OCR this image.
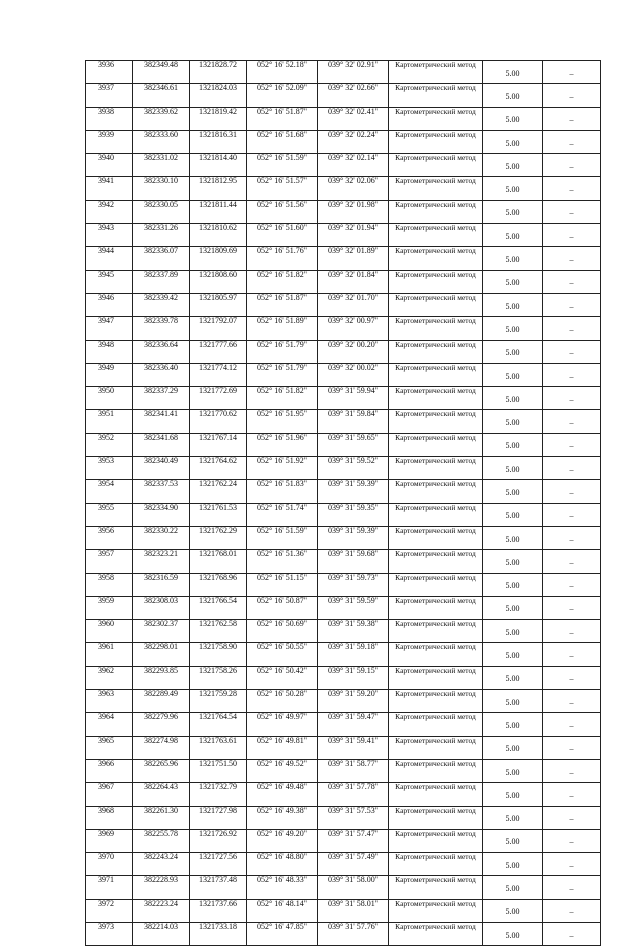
3936	382349.48	1321828.72	052° 16' 52.18"	039° 32' 02.91"	Картометрический метод	5.00	–
3937	382346.61	1321824.03	052° 16' 52.09"	039° 32' 02.66"	Картометрический метод	5.00	–
3938	382339.62	1321819.42	052° 16' 51.87"	039° 32' 02.41"	Картометрический метод	5.00	–
3939	382333.60	1321816.31	052° 16' 51.68"	039° 32' 02.24"	Картометрический метод	5.00	–
3940	382331.02	1321814.40	052° 16' 51.59"	039° 32' 02.14"	Картометрический метод	5.00	–
3941	382330.10	1321812.95	052° 16' 51.57"	039° 32' 02.06"	Картометрический метод	5.00	–
3942	382330.05	1321811.44	052° 16' 51.56"	039° 32' 01.98"	Картометрический метод	5.00	–
3943	382331.26	1321810.62	052° 16' 51.60"	039° 32' 01.94"	Картометрический метод	5.00	–
3944	382336.07	1321809.69	052° 16' 51.76"	039° 32' 01.89"	Картометрический метод	5.00	–
3945	382337.89	1321808.60	052° 16' 51.82"	039° 32' 01.84"	Картометрический метод	5.00	–
3946	382339.42	1321805.97	052° 16' 51.87"	039° 32' 01.70"	Картометрический метод	5.00	–
3947	382339.78	1321792.07	052° 16' 51.89"	039° 32' 00.97"	Картометрический метод	5.00	–
3948	382336.64	1321777.66	052° 16' 51.79"	039° 32' 00.20"	Картометрический метод	5.00	–
3949	382336.40	1321774.12	052° 16' 51.79"	039° 32' 00.02"	Картометрический метод	5.00	–
3950	382337.29	1321772.69	052° 16' 51.82"	039° 31' 59.94"	Картометрический метод	5.00	–
3951	382341.41	1321770.62	052° 16' 51.95"	039° 31' 59.84"	Картометрический метод	5.00	–
3952	382341.68	1321767.14	052° 16' 51.96"	039° 31' 59.65"	Картометрический метод	5.00	–
3953	382340.49	1321764.62	052° 16' 51.92"	039° 31' 59.52"	Картометрический метод	5.00	–
3954	382337.53	1321762.24	052° 16' 51.83"	039° 31' 59.39"	Картометрический метод	5.00	–
3955	382334.90	1321761.53	052° 16' 51.74"	039° 31' 59.35"	Картометрический метод	5.00	–
3956	382330.22	1321762.29	052° 16' 51.59"	039° 31' 59.39"	Картометрический метод	5.00	–
3957	382323.21	1321768.01	052° 16' 51.36"	039° 31' 59.68"	Картометрический метод	5.00	–
3958	382316.59	1321768.96	052° 16' 51.15"	039° 31' 59.73"	Картометрический метод	5.00	–
3959	382308.03	1321766.54	052° 16' 50.87"	039° 31' 59.59"	Картометрический метод	5.00	–
3960	382302.37	1321762.58	052° 16' 50.69"	039° 31' 59.38"	Картометрический метод	5.00	–
3961	382298.01	1321758.90	052° 16' 50.55"	039° 31' 59.18"	Картометрический метод	5.00	–
3962	382293.85	1321758.26	052° 16' 50.42"	039° 31' 59.15"	Картометрический метод	5.00	–
3963	382289.49	1321759.28	052° 16' 50.28"	039° 31' 59.20"	Картометрический метод	5.00	–
3964	382279.96	1321764.54	052° 16' 49.97"	039° 31' 59.47"	Картометрический метод	5.00	–
3965	382274.98	1321763.61	052° 16' 49.81"	039° 31' 59.41"	Картометрический метод	5.00	–
3966	382265.96	1321751.50	052° 16' 49.52"	039° 31' 58.77"	Картометрический метод	5.00	–
3967	382264.43	1321732.79	052° 16' 49.48"	039° 31' 57.78"	Картометрический метод	5.00	–
3968	382261.30	1321727.98	052° 16' 49.38"	039° 31' 57.53"	Картометрический метод	5.00	–
3969	382255.78	1321726.92	052° 16' 49.20"	039° 31' 57.47"	Картометрический метод	5.00	–
3970	382243.24	1321727.56	052° 16' 48.80"	039° 31' 57.49"	Картометрический метод	5.00	–
3971	382228.93	1321737.48	052° 16' 48.33"	039° 31' 58.00"	Картометрический метод	5.00	–
3972	382223.24	1321737.66	052° 16' 48.14"	039° 31' 58.01"	Картометрический метод	5.00	–
3973	382214.03	1321733.18	052° 16' 47.85"	039° 31' 57.76"	Картометрический метод	5.00	–
